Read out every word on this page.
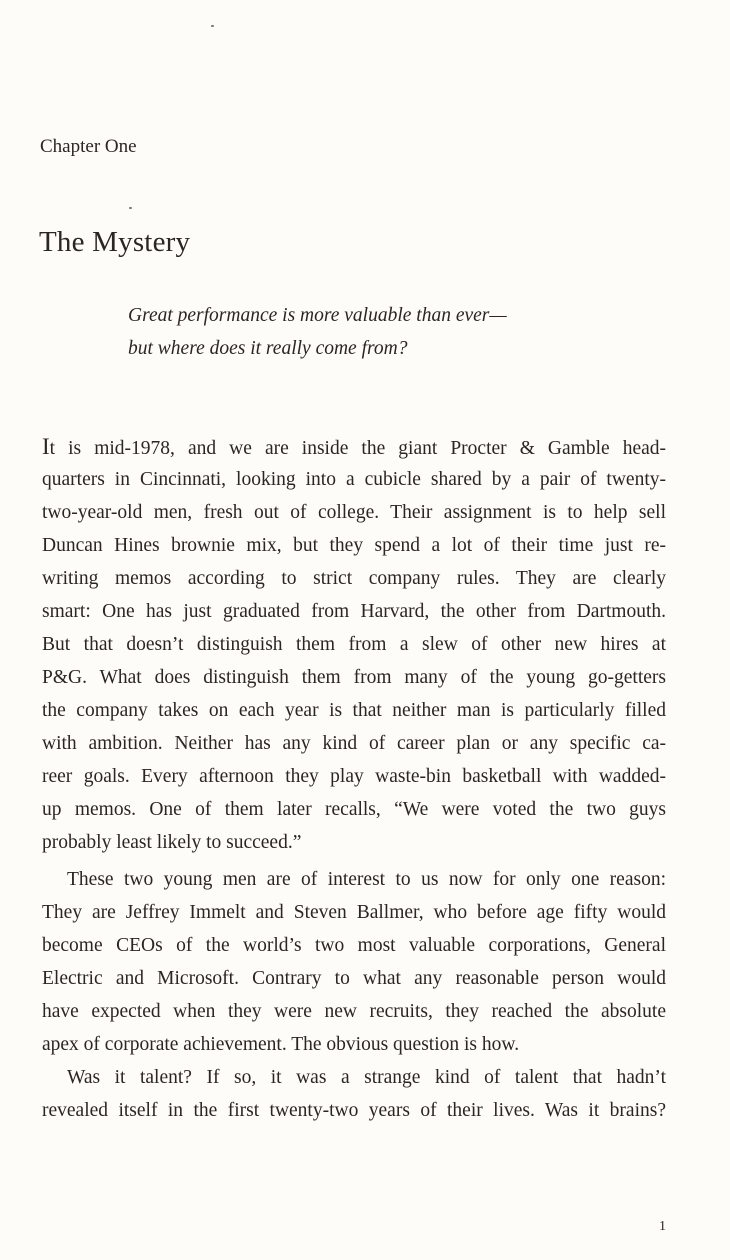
Chapter One
The Mystery
Great performance is more valuable than ever—
but where does it really come from?
It is mid-1978, and we are inside the giant Procter & Gamble head-
quarters in Cincinnati, looking into a cubicle shared by a pair of twenty-
two-year-old men, fresh out of college. Their assignment is to help sell
Duncan Hines brownie mix, but they spend a lot of their time just re-
writing memos according to strict company rules. They are clearly
smart: One has just graduated from Harvard, the other from Dartmouth.
But that doesn’t distinguish them from a slew of other new hires at
P&G. What does distinguish them from many of the young go-getters
the company takes on each year is that neither man is particularly filled
with ambition. Neither has any kind of career plan or any specific ca-
reer goals. Every afternoon they play waste-bin basketball with wadded-
up memos. One of them later recalls, “We were voted the two guys
probably least likely to succeed.”
These two young men are of interest to us now for only one reason:
They are Jeffrey Immelt and Steven Ballmer, who before age fifty would
become CEOs of the world’s two most valuable corporations, General
Electric and Microsoft. Contrary to what any reasonable person would
have expected when they were new recruits, they reached the absolute
apex of corporate achievement. The obvious question is how.
Was it talent? If so, it was a strange kind of talent that hadn’t
revealed itself in the first twenty-two years of their lives. Was it brains?
1
